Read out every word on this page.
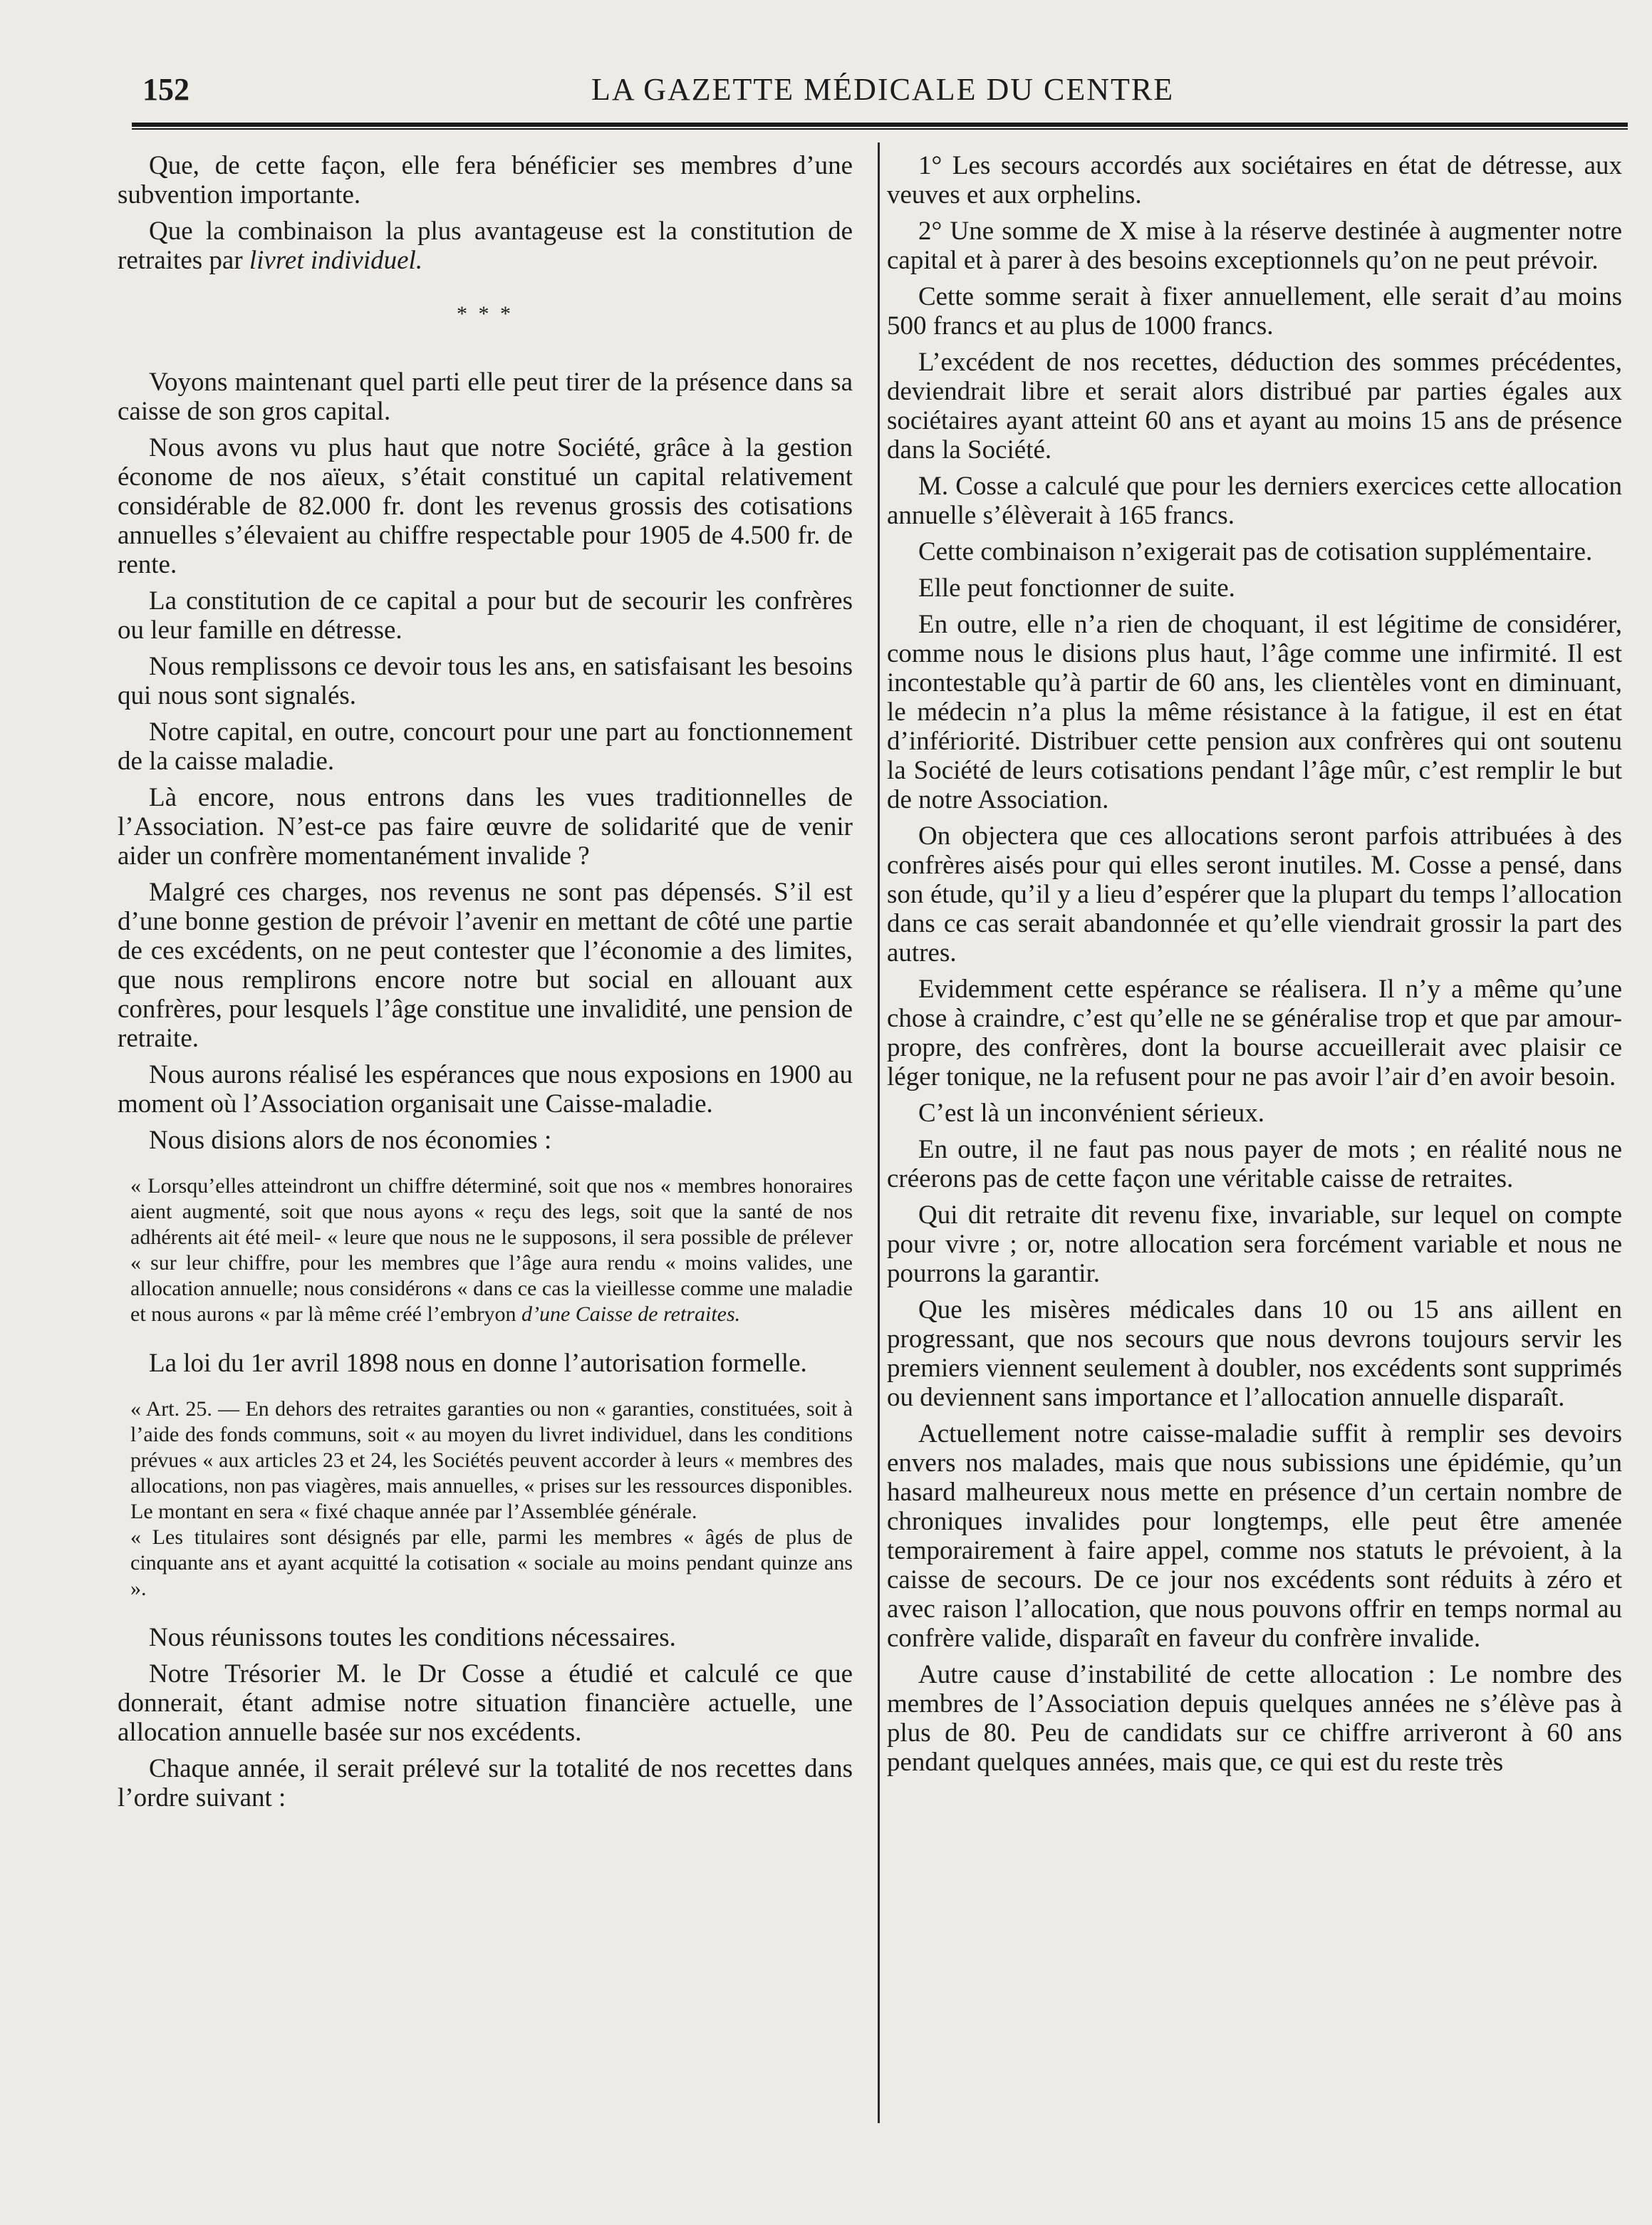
152	LA GAZETTE MÉDICALE DU CENTRE

Que, de cette façon, elle fera bénéficier ses membres d’une subvention importante.

Que la combinaison la plus avantageuse est la constitution de retraites par livret individuel.

* * *

Voyons maintenant quel parti elle peut tirer de la présence dans sa caisse de son gros capital.

Nous avons vu plus haut que notre Société, grâce à la gestion économe de nos aïeux, s’était constitué un capital relativement considérable de 82.000 fr. dont les revenus grossis des cotisations annuelles s’élevaient au chiffre respectable pour 1905 de 4.500 fr. de rente.

La constitution de ce capital a pour but de secourir les confrères ou leur famille en détresse.

Nous remplissons ce devoir tous les ans, en satisfaisant les besoins qui nous sont signalés.

Notre capital, en outre, concourt pour une part au fonctionnement de la caisse maladie.

Là encore, nous entrons dans les vues traditionnelles de l’Association. N’est-ce pas faire œuvre de solidarité que de venir aider un confrère momentanément invalide ?

Malgré ces charges, nos revenus ne sont pas dépensés. S’il est d’une bonne gestion de prévoir l’avenir en mettant de côté une partie de ces excédents, on ne peut contester que l’économie a des limites, que nous remplirons encore notre but social en allouant aux confrères, pour lesquels l’âge constitue une invalidité, une pension de retraite.

Nous aurons réalisé les espérances que nous exposions en 1900 au moment où l’Association organisait une Caisse-maladie.

Nous disions alors de nos économies :

« Lorsqu’elles atteindront un chiffre déterminé, soit que nos « membres honoraires aient augmenté, soit que nous ayons « reçu des legs, soit que la santé de nos adhérents ait été meil- « leure que nous ne le supposons, il sera possible de prélever « sur leur chiffre, pour les membres que l’âge aura rendu « moins valides, une allocation annuelle; nous considérons « dans ce cas la vieillesse comme une maladie et nous aurons « par là même créé l’embryon d’une Caisse de retraites.

La loi du 1er avril 1898 nous en donne l’autorisation formelle.

« Art. 25. — En dehors des retraites garanties ou non « garanties, constituées, soit à l’aide des fonds communs, soit « au moyen du livret individuel, dans les conditions prévues « aux articles 23 et 24, les Sociétés peuvent accorder à leurs « membres des allocations, non pas viagères, mais annuelles, « prises sur les ressources disponibles. Le montant en sera « fixé chaque année par l’Assemblée générale.

« Les titulaires sont désignés par elle, parmi les membres « âgés de plus de cinquante ans et ayant acquitté la cotisation « sociale au moins pendant quinze ans ».

Nous réunissons toutes les conditions nécessaires.

Notre Trésorier M. le Dr Cosse a étudié et calculé ce que donnerait, étant admise notre situation financière actuelle, une allocation annuelle basée sur nos excédents.

Chaque année, il serait prélevé sur la totalité de nos recettes dans l’ordre suivant :

1° Les secours accordés aux sociétaires en état de détresse, aux veuves et aux orphelins.

2° Une somme de X mise à la réserve destinée à augmenter notre capital et à parer à des besoins exceptionnels qu’on ne peut prévoir.

Cette somme serait à fixer annuellement, elle serait d’au moins 500 francs et au plus de 1000 francs.

L’excédent de nos recettes, déduction des sommes précédentes, deviendrait libre et serait alors distribué par parties égales aux sociétaires ayant atteint 60 ans et ayant au moins 15 ans de présence dans la Société.

M. Cosse a calculé que pour les derniers exercices cette allocation annuelle s’élèverait à 165 francs.

Cette combinaison n’exigerait pas de cotisation supplémentaire.

Elle peut fonctionner de suite.

En outre, elle n’a rien de choquant, il est légitime de considérer, comme nous le disions plus haut, l’âge comme une infirmité. Il est incontestable qu’à partir de 60 ans, les clientèles vont en diminuant, le médecin n’a plus la même résistance à la fatigue, il est en état d’infériorité. Distribuer cette pension aux confrères qui ont soutenu la Société de leurs cotisations pendant l’âge mûr, c’est remplir le but de notre Association.

On objectera que ces allocations seront parfois attribuées à des confrères aisés pour qui elles seront inutiles. M. Cosse a pensé, dans son étude, qu’il y a lieu d’espérer que la plupart du temps l’allocation dans ce cas serait abandonnée et qu’elle viendrait grossir la part des autres.

Evidemment cette espérance se réalisera. Il n’y a même qu’une chose à craindre, c’est qu’elle ne se généralise trop et que par amour-propre, des confrères, dont la bourse accueillerait avec plaisir ce léger tonique, ne la refusent pour ne pas avoir l’air d’en avoir besoin.

C’est là un inconvénient sérieux.

En outre, il ne faut pas nous payer de mots ; en réalité nous ne créerons pas de cette façon une véritable caisse de retraites.

Qui dit retraite dit revenu fixe, invariable, sur lequel on compte pour vivre ; or, notre allocation sera forcément variable et nous ne pourrons la garantir.

Que les misères médicales dans 10 ou 15 ans aillent en progressant, que nos secours que nous devrons toujours servir les premiers viennent seulement à doubler, nos excédents sont supprimés ou deviennent sans importance et l’allocation annuelle disparaît.

Actuellement notre caisse-maladie suffit à remplir ses devoirs envers nos malades, mais que nous subissions une épidémie, qu’un hasard malheureux nous mette en présence d’un certain nombre de chroniques invalides pour longtemps, elle peut être amenée temporairement à faire appel, comme nos statuts le prévoient, à la caisse de secours. De ce jour nos excédents sont réduits à zéro et avec raison l’allocation, que nous pouvons offrir en temps normal au confrère valide, disparaît en faveur du confrère invalide.

Autre cause d’instabilité de cette allocation : Le nombre des membres de l’Association depuis quelques années ne s’élève pas à plus de 80. Peu de candidats sur ce chiffre arriveront à 60 ans pendant quelques années, mais que, ce qui est du reste très
